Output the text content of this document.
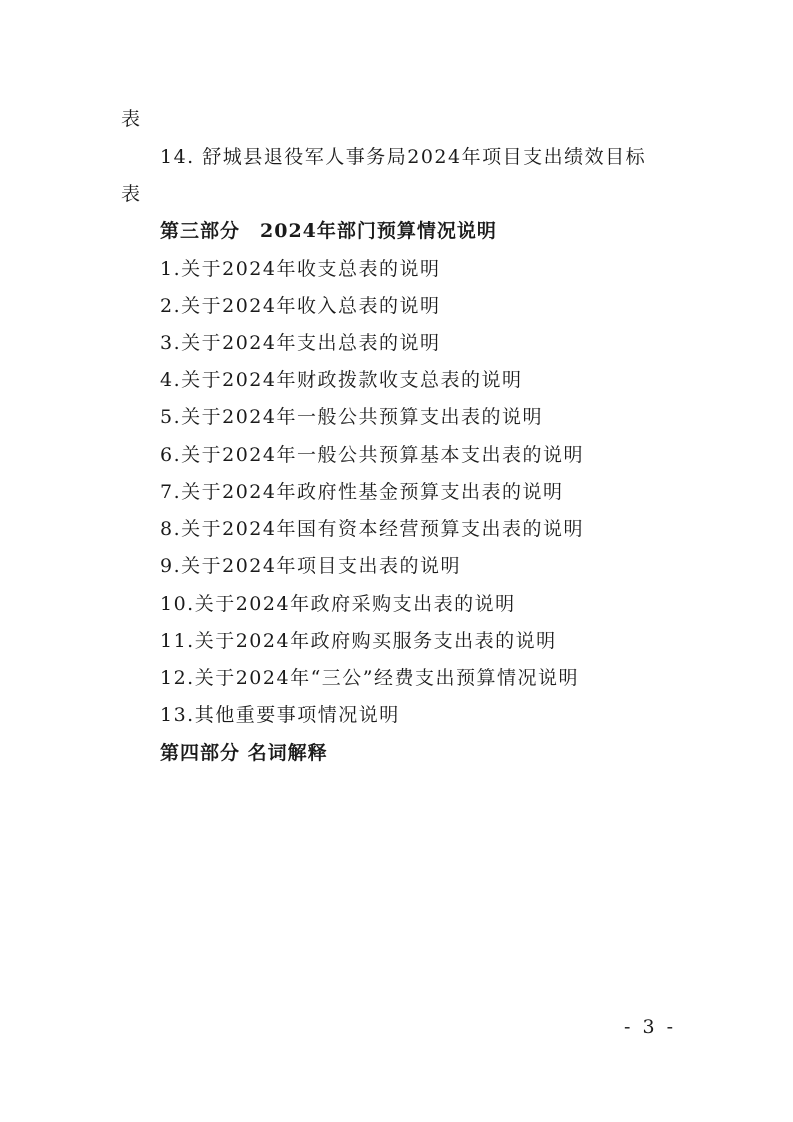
表
14. 舒城县退役军人事务局2024年项目支出绩效目标
表
第三部分　2024年部门预算情况说明
1.关于2024年收支总表的说明
2.关于2024年收入总表的说明
3.关于2024年支出总表的说明
4.关于2024年财政拨款收支总表的说明
5.关于2024年一般公共预算支出表的说明
6.关于2024年一般公共预算基本支出表的说明
7.关于2024年政府性基金预算支出表的说明
8.关于2024年国有资本经营预算支出表的说明
9.关于2024年项目支出表的说明
10.关于2024年政府采购支出表的说明
11.关于2024年政府购买服务支出表的说明
12.关于2024年“三公”经费支出预算情况说明
13.其他重要事项情况说明
第四部分 名词解释
- 3 -
